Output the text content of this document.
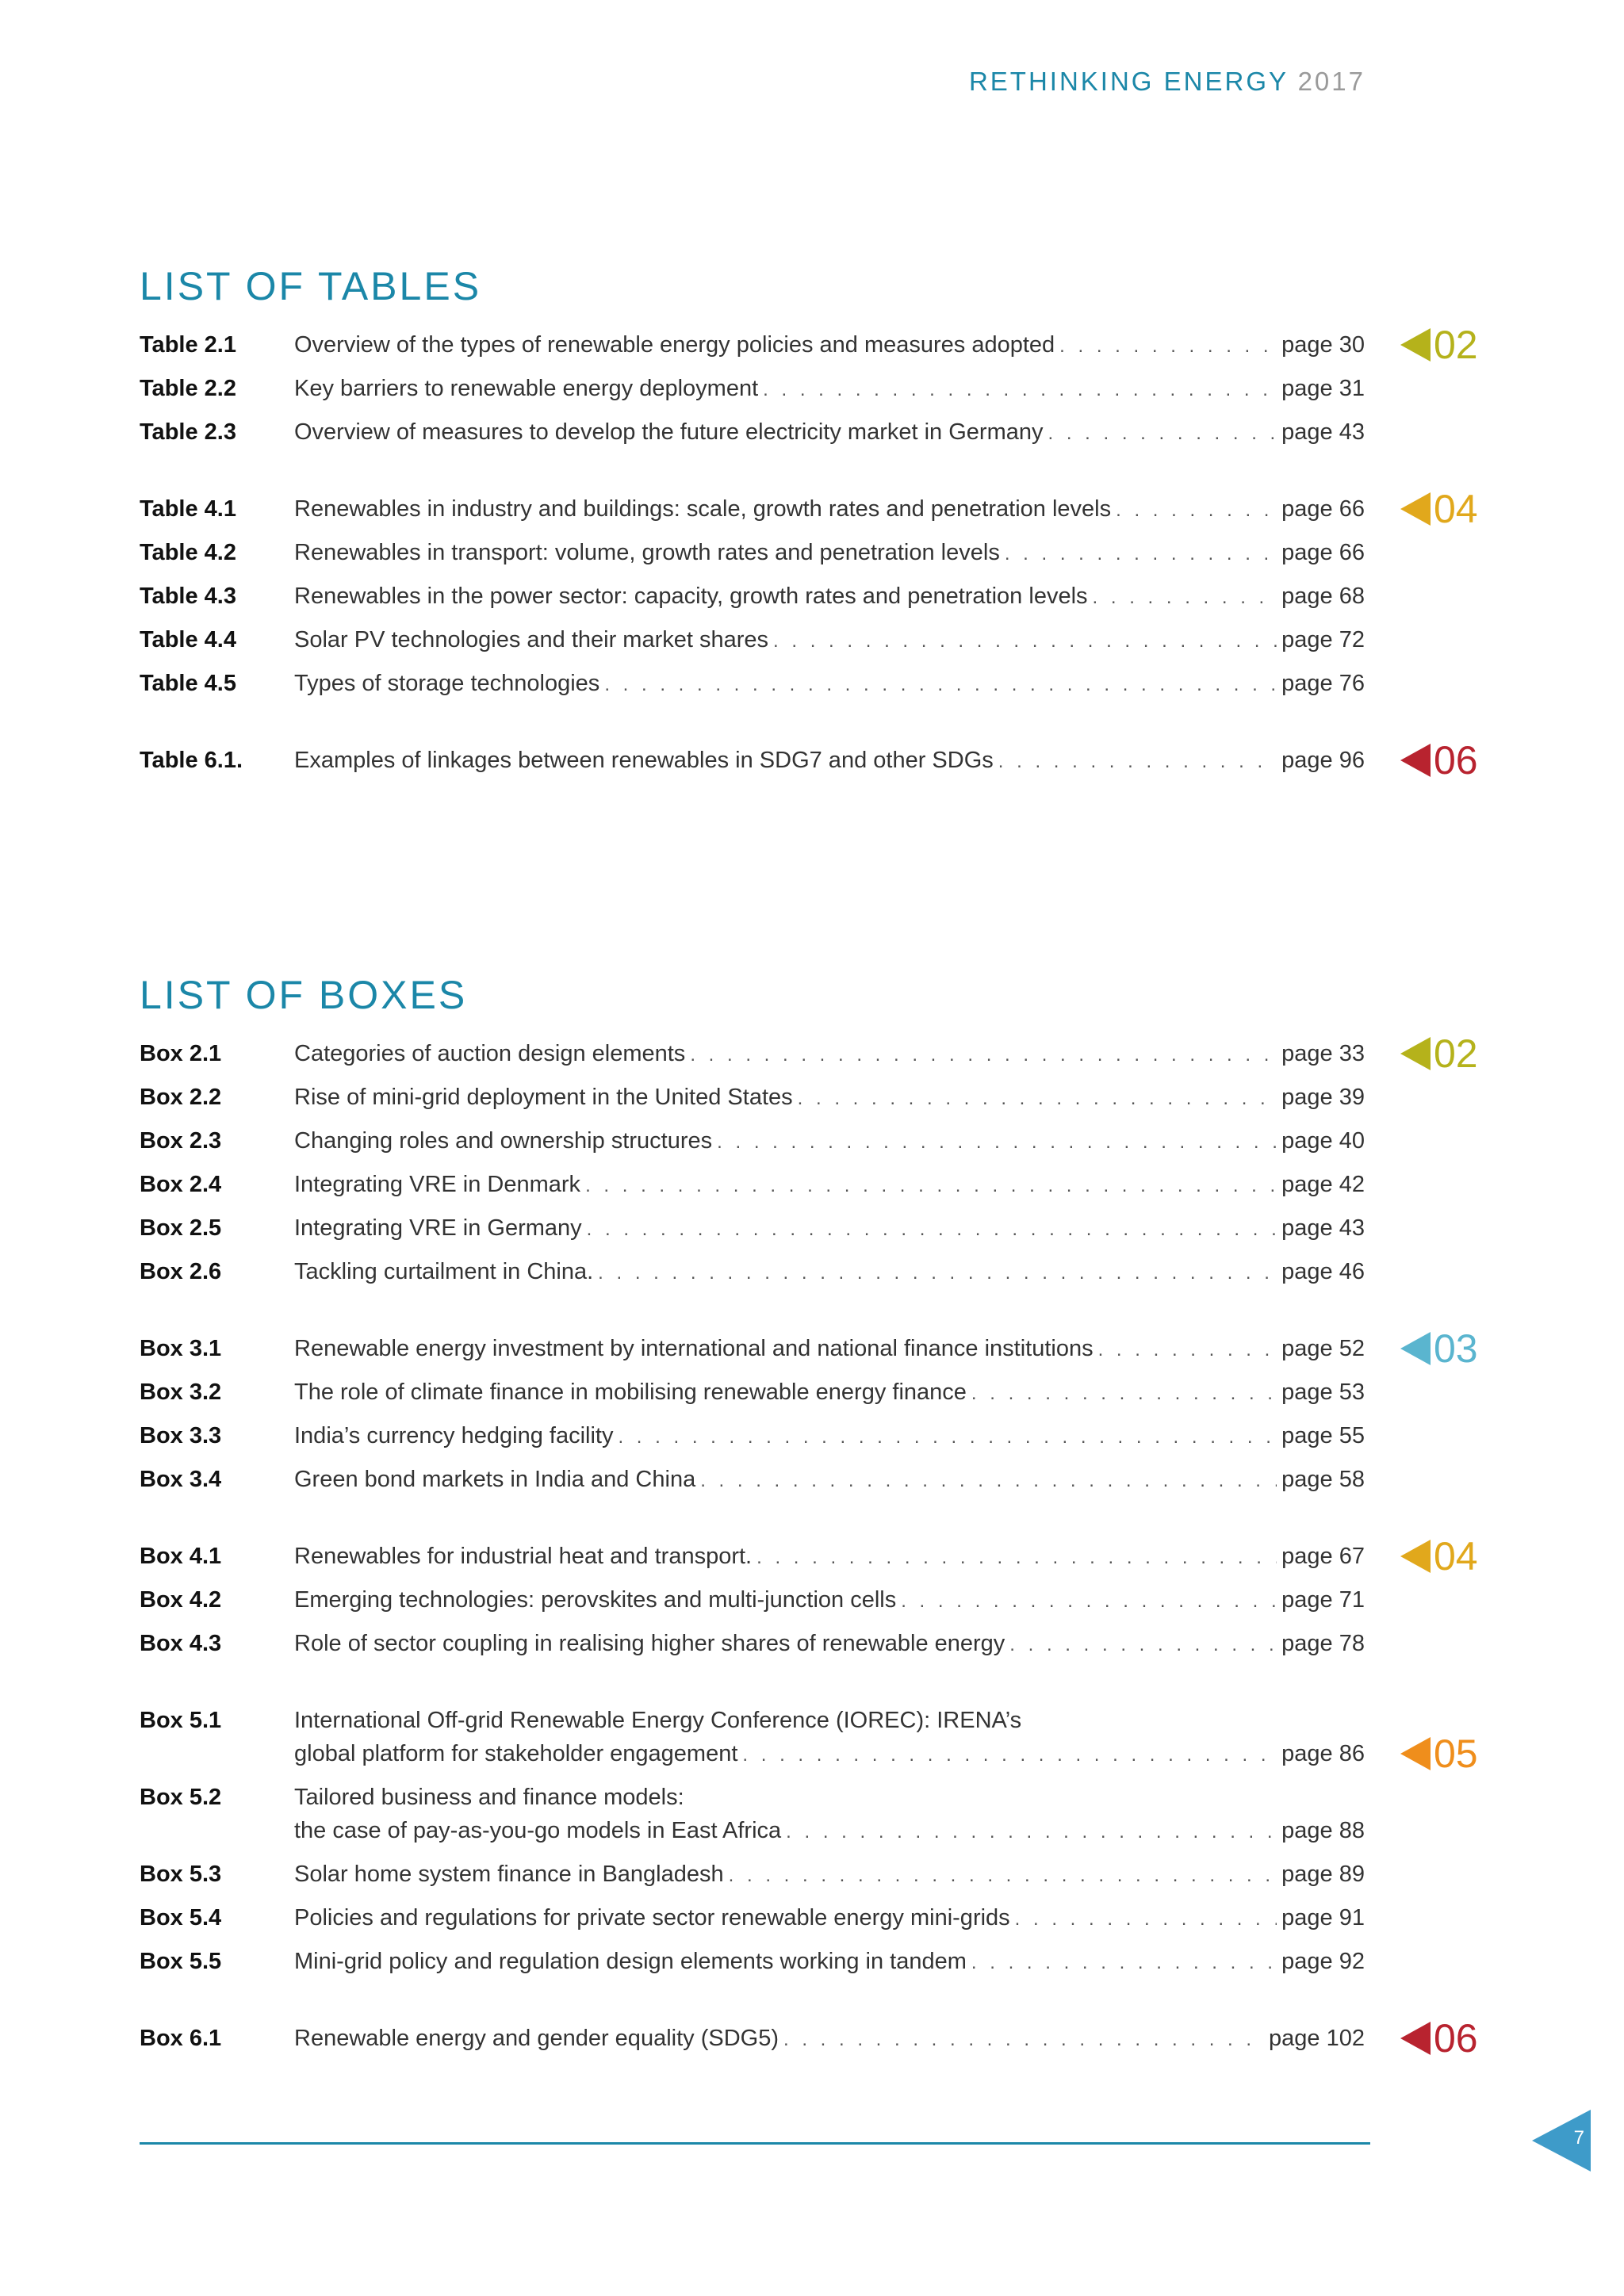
RETHINKING ENERGY 2017
LIST OF TABLES
Table 2.1	Overview of the types of renewable energy policies and measures adopted . . .	page 30
Table 2.2	Key barriers to renewable energy deployment . . .	page 31
Table 2.3	Overview of measures to develop the future electricity market in Germany . . .	page 43
02
Table 4.1	Renewables in industry and buildings: scale, growth rates and penetration levels . . .	page 66
Table 4.2	Renewables in transport: volume, growth rates and penetration levels . . .	page 66
Table 4.3	Renewables in the power sector: capacity, growth rates and penetration levels . . .	page 68
Table 4.4	Solar PV technologies and their market shares . . .	page 72
Table 4.5	Types of storage technologies . . .	page 76
04
Table 6.1.	Examples of linkages between renewables in SDG7 and other SDGs . . .	page 96 06
LIST OF BOXES
Box 2.1	Categories of auction design elements . . .	page 33
Box 2.2	Rise of mini-grid deployment in the United States . . .	page 39
Box 2.3	Changing roles and ownership structures . . .	page 40
Box 2.4	Integrating VRE in Denmark . . .	page 42
Box 2.5	Integrating VRE in Germany . . .	page 43
Box 2.6	Tackling curtailment in China. . . .	page 46
02
Box 3.1	Renewable energy investment by international and national finance institutions . . .	page 52
Box 3.2	The role of climate finance in mobilising renewable energy finance . . .	page 53
Box 3.3	India’s currency hedging facility . . .	page 55
Box 3.4	Green bond markets in India and China . . .	page 58
03
Box 4.1	Renewables for industrial heat and transport. . . .	page 67
Box 4.2	Emerging technologies: perovskites and multi-junction cells . . .	page 71
Box 4.3	Role of sector coupling in realising higher shares of renewable energy . . .	page 78
04
Box 5.1	International Off-grid Renewable Energy Conference (IOREC): IRENA’s
global platform for stakeholder engagement . . .	page 86
Box 5.2	Tailored business and finance models:
the case of pay-as-you-go models in East Africa . . .	page 88
Box 5.3	Solar home system finance in Bangladesh . . .	page 89
Box 5.4	Policies and regulations for private sector renewable energy mini-grids . . .	page 91
Box 5.5	Mini-grid policy and regulation design elements working in tandem . . .	page 92
05
Box 6.1	Renewable energy and gender equality (SDG5) . . .	page 102 06
7
